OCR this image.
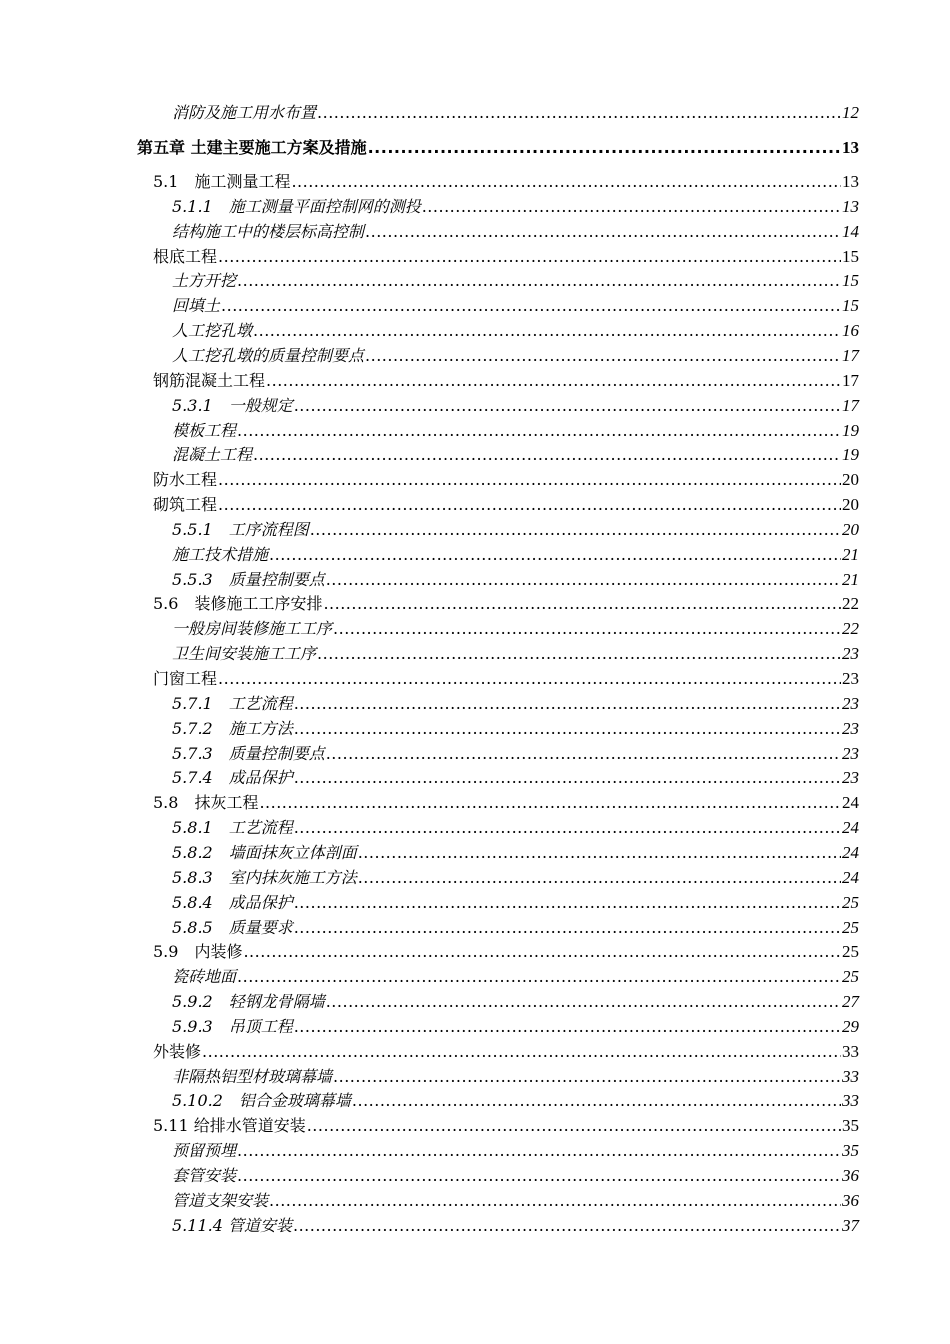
消防及施工用水布置 .....	12
第五章 土建主要施工方案及措施 .....	13
5.1　施工测量工程 .....	13
5.1.1　施工测量平面控制网的测投 .....	13
结构施工中的楼层标高控制 .....	14
根底工程 .....	15
土方开挖 .....	15
回填土 .....	15
人工挖孔墩 .....	16
人工挖孔墩的质量控制要点 .....	17
钢筋混凝土工程 .....	17
5.3.1　一般规定 .....	17
模板工程 .....	19
混凝土工程 .....	19
防水工程 .....	20
砌筑工程 .....	20
5.5.1　工序流程图 .....	20
施工技术措施 .....	21
5.5.3　质量控制要点 .....	21
5.6　装修施工工序安排 .....	22
一般房间装修施工工序 .....	22
卫生间安装施工工序 .....	23
门窗工程 .....	23
5.7.1　工艺流程 .....	23
5.7.2　施工方法 .....	23
5.7.3　质量控制要点 .....	23
5.7.4　成品保护 .....	23
5.8　抹灰工程 .....	24
5.8.1　工艺流程 .....	24
5.8.2　墙面抹灰立体剖面 .....	24
5.8.3　室内抹灰施工方法 .....	24
5.8.4　成品保护 .....	25
5.8.5　质量要求 .....	25
5.9　内装修 .....	25
瓷砖地面 .....	25
5.9.2　轻钢龙骨隔墙 .....	27
5.9.3　吊顶工程 .....	29
外装修 .....	33
非隔热铝型材玻璃幕墙 .....	33
5.10.2　铝合金玻璃幕墙 .....	33
5.11 给排水管道安装 .....	35
预留预埋 .....	35
套管安装 .....	36
管道支架安装 .....	36
5.11.4 管道安装 .....	37
